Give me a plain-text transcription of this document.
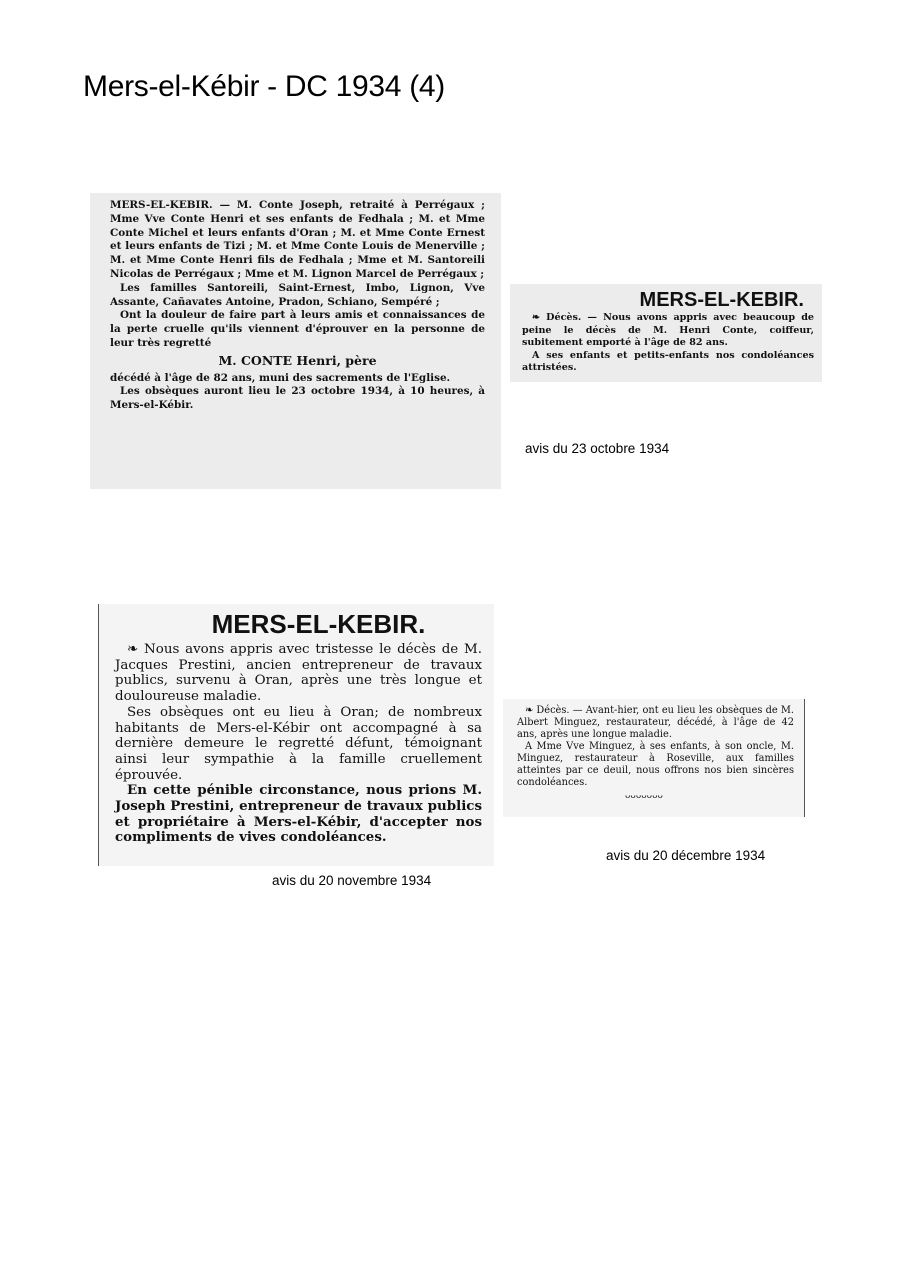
Mers-el-Kébir - DC 1934 (4)

MERS-EL-KEBIR. — M. Conte Joseph, retraité à Perrégaux ; Mme Vve Conte Henri et ses enfants de Fedhala ; M. et Mme Conte Michel et leurs enfants d'Oran ; M. et Mme Conte Ernest et leurs enfants de Tizi ; M. et Mme Conte Louis de Menerville ; M. et Mme Conte Henri fils de Fedhala ; Mme et M. Santoreili Nicolas de Perrégaux ; Mme et M. Lignon Marcel de Perrégaux ;

Les familles Santoreili, Saint-Ernest, Imbo, Lignon, Vve Assante, Cañavates Antoine, Pradon, Schiano, Sempéré ;

Ont la douleur de faire part à leurs amis et connaissances de la perte cruelle qu'ils viennent d'éprouver en la personne de leur très regretté

M. CONTE Henri, père

décédé à l'âge de 82 ans, muni des sacrements de l'Eglise.

Les obsèques auront lieu le 23 octobre 1934, à 10 heures, à Mers-el-Kébir.

MERS-EL-KEBIR.

❧ Décès. — Nous avons appris avec beaucoup de peine le décès de M. Henri Conte, coiffeur, subitement emporté à l'âge de 82 ans.

A ses enfants et petits-enfants nos condoléances attristées.

avis du 23 octobre 1934

MERS-EL-KEBIR.

❧ Nous avons appris avec tristesse le décès de M. Jacques Prestini, ancien entrepreneur de travaux publics, survenu à Oran, après une très longue et douloureuse maladie.

Ses obsèques ont eu lieu à Oran; de nombreux habitants de Mers-el-Kébir ont accompagné à sa dernière demeure le regretté défunt, témoignant ainsi leur sympathie à la famille cruellement éprouvée.

En cette pénible circonstance, nous prions M. Joseph Prestini, entrepreneur de travaux publics et propriétaire à Mers-el-Kébir, d'accepter nos compliments de vives condoléances.

avis du 20 novembre 1934

❧ Décès. — Avant-hier, ont eu lieu les obsèques de M. Albert Minguez, restaurateur, décédé, à l'âge de 42 ans, après une longue maladie.

A Mme Vve Minguez, à ses enfants, à son oncle, M. Minguez, restaurateur à Roseville, aux familles atteintes par ce deuil, nous offrons nos bien sincères condoléances.

ᴗᴗᴗᴗᴗᴗᴗ

avis du 20 décembre 1934
